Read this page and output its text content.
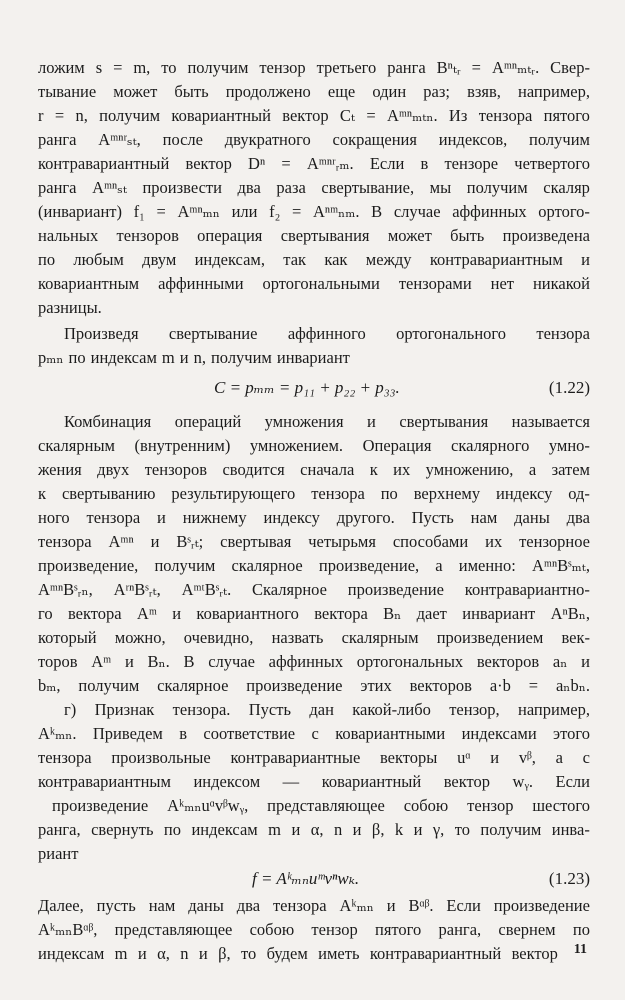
ложим s = m, то получим тензор третьего ранга Bⁿₜᵣ = Aᵐⁿₘₜᵣ. Свер-
тывание может быть продолжено еще один раз; взяв, например,
r = n, получим ковариантный вектор Cₜ = Aᵐⁿₘₜₙ. Из тензора пятого
ранга Aᵐⁿʳₛₜ, после двукратного сокращения индексов, получим
контравариантный вектор Dⁿ = Aᵐⁿʳᵣₘ. Если в тензоре четвертого
ранга Aᵐⁿₛₜ произвести два раза свертывание, мы получим скаляр
(инвариант) f₁ = Aᵐⁿₘₙ или f₂ = Aⁿᵐₙₘ. В случае аффинных ортого-
нальных тензоров операция свертывания может быть произведена
по любым двум индексам, так как между контравариантным и
ковариантным аффинными ортогональными тензорами нет никакой
разницы.
Произведя свертывание аффинного ортогонального тензора
pₘₙ по индексам m и n, получим инвариант
C = pₘₘ = p₁₁ + p₂₂ + p₃₃.	(1.22)
Комбинация операций умножения и свертывания называется
скалярным (внутренним) умножением. Операция скалярного умно-
жения двух тензоров сводится сначала к их умножению, а затем
к свертыванию результирующего тензора по верхнему индексу од-
ного тензора и нижнему индексу другого. Пусть нам даны два
тензора Aᵐⁿ и Bˢᵣₜ; свертывая четырьмя способами их тензорное
произведение, получим скалярное произведение, а именно: AᵐⁿBˢₘₜ,
AᵐⁿBˢᵣₙ, AʳⁿBˢᵣₜ, AᵐᵗBˢᵣₜ. Скалярное произведение контравариантно-
го вектора Aᵐ и ковариантного вектора Bₙ дает инвариант AⁿBₙ,
который можно, очевидно, назвать скалярным произведением век-
торов Aᵐ и Bₙ. В случае аффинных ортогональных векторов aₙ и
bₘ, получим скалярное произведение этих векторов a·b = aₙbₙ.
г) Признак тензора. Пусть дан какой-либо тензор, например,
Aᵏₘₙ. Приведем в соответствие с ковариантными индексами этого
тензора произвольные контравариантные векторы uᵅ и vᵝ, а с
контравариантным индексом — ковариантный вектор wᵧ. Если
произведение Aᵏₘₙuᵅvᵝwᵧ, представляющее собою тензор шестого
ранга, свернуть по индексам m и α, n и β, k и γ, то получим инва-
риант
f = Aᵏₘₙuᵐvⁿwₖ.	(1.23)
Далее, пусть нам даны два тензора Aᵏₘₙ и Bᵅᵝ. Если произведение
AᵏₘₙBᵅᵝ, представляющее собою тензор пятого ранга, свернем по
индексам m и α, n и β, то будем иметь контравариантный вектор 11
